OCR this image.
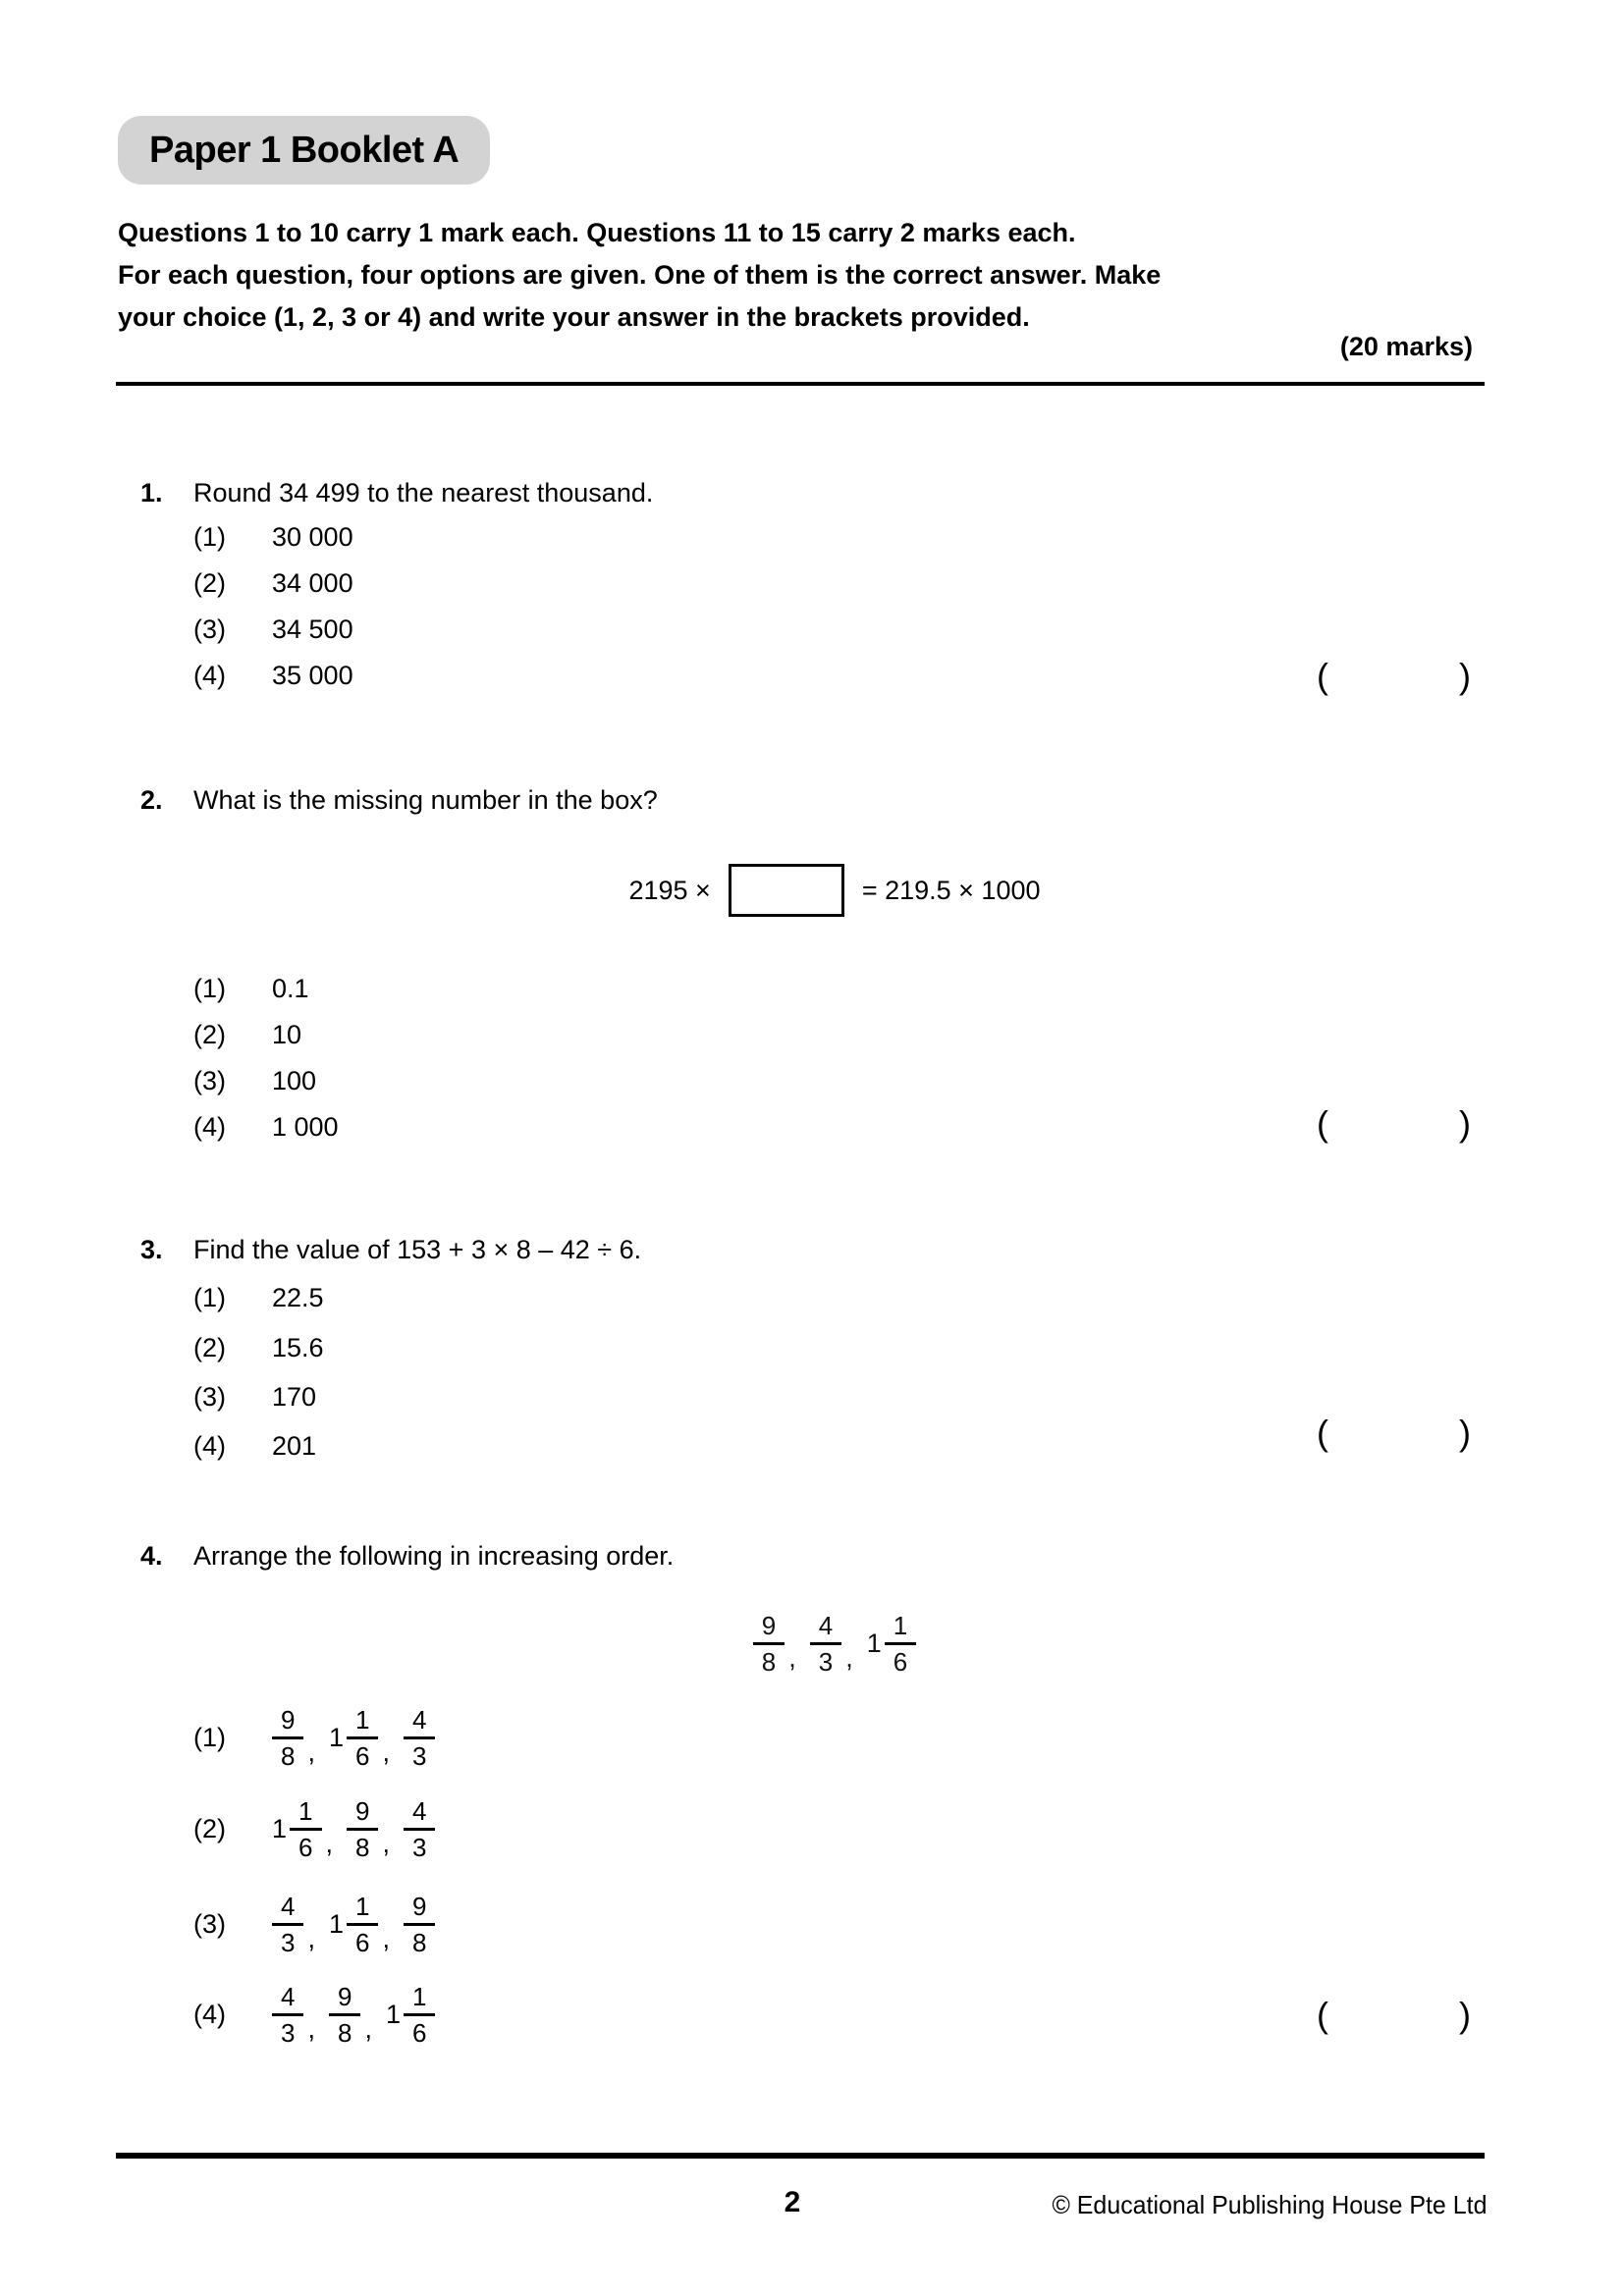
Paper 1 Booklet A
Questions 1 to 10 carry 1 mark each. Questions 11 to 15 carry 2 marks each.
For each question, four options are given. One of them is the correct answer. Make
your choice (1, 2, 3 or 4) and write your answer in the brackets provided.
(20 marks)
1.	Round 34 499 to the nearest thousand.
(1)	30 000
(2)	34 000
(3)	34 500
(4)	35 000	(	)
2.	What is the missing number in the box?
2195 ×	= 219.5 × 1000
(1)	0.1
(2)	10
(3)	100
(4)	1 000	(	)
3.	Find the value of 153 + 3 × 8 – 42 ÷ 6.
(1)	22.5
(2)	15.6
(3)	170
(4)	201	(	)
4.	Arrange the following in increasing order.
$\frac{9}{8}$ , $\frac{4}{3}$ , $1 \frac{1}{6}$
(1)	$\frac{9}{8}$ , $1 \frac{1}{6}$ , $\frac{4}{3}$
(2)	$1 \frac{1}{6}$ , $\frac{9}{8}$ , $\frac{4}{3}$
(3)	$\frac{4}{3}$ , $1 \frac{1}{6}$ , $\frac{9}{8}$
(4)	$\frac{4}{3}$ , $\frac{9}{8}$ , $1 \frac{1}{6}$	(	)
2	© Educational Publishing House Pte Ltd
